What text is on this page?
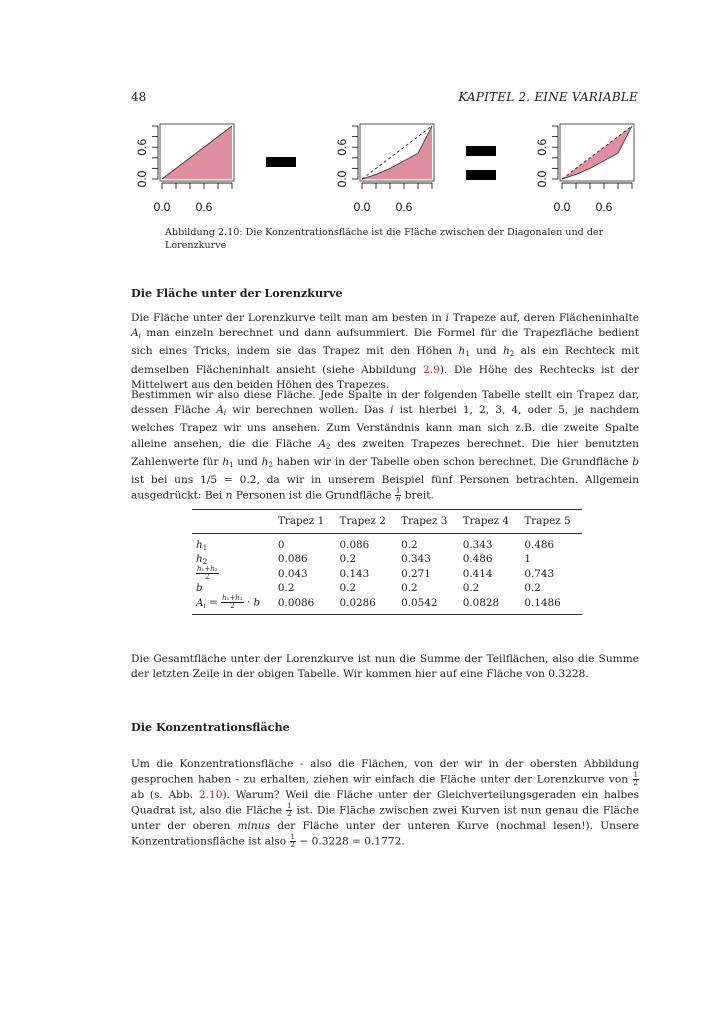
48	KAPITEL 2. EINE VARIABLE
0.0 0.6
0.0
0.6
0.0 0.6
0.0
0.6
0.0 0.6
0.0
0.6
Abbildung 2.10: Die Konzentrationsfläche ist die Fläche zwischen der Diagonalen und der Lorenzkurve
Die Fläche unter der Lorenzkurve
Die Fläche unter der Lorenzkurve teilt man am besten in i Trapeze auf, deren Flächeninhalte $A_i$ man einzeln berechnet und dann aufsummiert. Die Formel für die Trapezfläche bedient sich eines Tricks, indem sie das Trapez mit den Höhen $h_1$ und $h_2$ als ein Rechteck mit demselben Flächeninhalt ansieht (siehe Abbildung 2.9). Die Höhe des Rechtecks ist der Mittelwert aus den beiden Höhen des Trapezes.
Bestimmen wir also diese Fläche. Jede Spalte in der folgenden Tabelle stellt ein Trapez dar, dessen Fläche $A_i$ wir berechnen wollen. Das i ist hierbei 1, 2, 3, 4, oder 5, je nachdem welches Trapez wir uns ansehen. Zum Verständnis kann man sich z.B. die zweite Spalte alleine ansehen, die die Fläche $A_2$ des zweiten Trapezes berechnet. Die hier benutzten Zahlenwerte für $h_1$ und $h_2$ haben wir in der Tabelle oben schon berechnet. Die Grundfläche b ist bei uns 1/5 = 0.2, da wir in unserem Beispiel fünf Personen betrachten. Allgemein ausgedrückt: Bei n Personen ist die Grundfläche $\frac{1}{n}$ breit.
	Trapez 1	Trapez 2	Trapez 3	Trapez 4	Trapez 5
$h_1$	0	0.086	0.2	0.343	0.486
$h_2$	0.086	0.2	0.343	0.486	1

$\frac{\text{h₁+h₂}}{2}$	0.043	0.143	0.271	0.414	0.743
b	0.2	0.2	0.2	0.2	0.2
$A_i = \frac{\text{h₁+h₂}}{2} \cdot b$	0.0086	0.0286	0.0542	0.0828	0.1486
Die Gesamtfläche unter der Lorenzkurve ist nun die Summe der Teilflächen, also die Summe der letzten Zeile in der obigen Tabelle. Wir kommen hier auf eine Fläche von 0.3228.
Die Konzentrationsfläche
Um die Konzentrationsfläche - also die Flächen, von der wir in der obersten Abbildung gesprochen haben - zu erhalten, ziehen wir einfach die Fläche unter der Lorenzkurve von $\frac{1}{2}$
ab (s. Abb. 2.10). Warum? Weil die Fläche unter der Gleichverteilungsgeraden ein halbes Quadrat ist, also die Fläche $\frac{1}{2}$ ist. Die Fläche zwischen zwei Kurven ist nun genau die Fläche unter der oberen minus der Fläche unter der unteren Kurve (nochmal lesen!). Unsere Konzentrationsfläche ist also $\frac{1}{2} - 0.3228 = 0.1772$.
